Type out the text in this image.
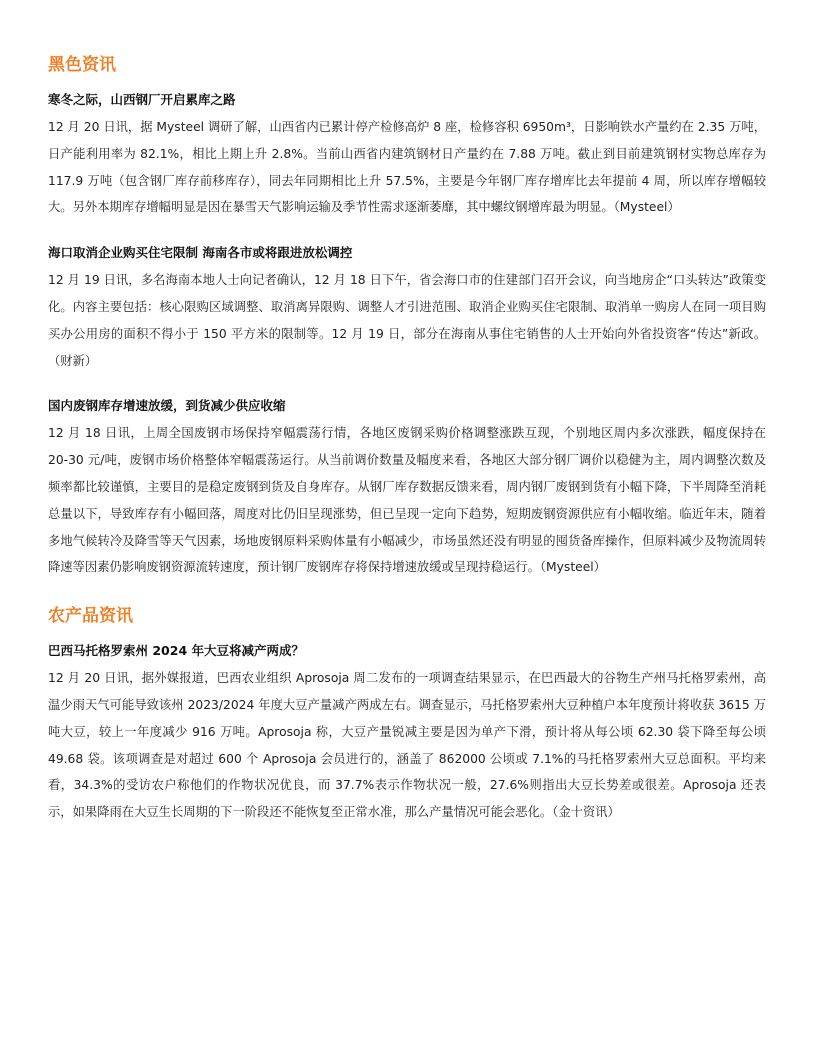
黑色资讯
寒冬之际，山西钢厂开启累库之路
12 月 20 日讯，据 Mysteel 调研了解，山西省内已累计停产检修高炉 8 座，检修容积 6950m³，日影响铁水产量约在 2.35 万吨，日产能利用率为 82.1%，相比上期上升 2.8%。当前山西省内建筑钢材日产量约在 7.88 万吨。截止到目前建筑钢材实物总库存为 117.9 万吨（包含钢厂库存前移库存），同去年同期相比上升 57.5%，主要是今年钢厂库存增库比去年提前 4 周，所以库存增幅较大。另外本期库存增幅明显是因在暴雪天气影响运输及季节性需求逐渐萎靡，其中螺纹钢增库最为明显。（Mysteel）
海口取消企业购买住宅限制 海南各市或将跟进放松调控
12 月 19 日讯，多名海南本地人士向记者确认，12 月 18 日下午，省会海口市的住建部门召开会议，向当地房企“口头转达”政策变化。内容主要包括：核心限购区域调整、取消离异限购、调整人才引进范围、取消企业购买住宅限制、取消单一购房人在同一项目购买办公用房的面积不得小于 150 平方米的限制等。12 月 19 日，部分在海南从事住宅销售的人士开始向外省投资客“传达”新政。（财新）
国内废钢库存增速放缓，到货减少供应收缩
12 月 18 日讯，上周全国废钢市场保持窄幅震荡行情，各地区废钢采购价格调整涨跌互现，个别地区周内多次涨跌，幅度保持在 20-30 元/吨，废钢市场价格整体窄幅震荡运行。从当前调价数量及幅度来看，各地区大部分钢厂调价以稳健为主，周内调整次数及频率都比较谨慎，主要目的是稳定废钢到货及自身库存。从钢厂库存数据反馈来看，周内钢厂废钢到货有小幅下降，下半周降至消耗总量以下，导致库存有小幅回落，周度对比仍旧呈现涨势，但已呈现一定向下趋势，短期废钢资源供应有小幅收缩。临近年末，随着多地气候转冷及降雪等天气因素，场地废钢原料采购体量有小幅减少，市场虽然还没有明显的囤货备库操作，但原料减少及物流周转降速等因素仍影响废钢资源流转速度，预计钢厂废钢库存将保持增速放缓或呈现持稳运行。（Mysteel）
农产品资讯
巴西马托格罗索州 2024 年大豆将减产两成？
12 月 20 日讯，据外媒报道，巴西农业组织 Aprosoja 周二发布的一项调查结果显示，在巴西最大的谷物生产州马托格罗索州，高温少雨天气可能导致该州 2023/2024 年度大豆产量减产两成左右。调查显示，马托格罗索州大豆种植户本年度预计将收获 3615 万吨大豆，较上一年度减少 916 万吨。Aprosoja 称，大豆产量锐减主要是因为单产下滑，预计将从每公顷 62.30 袋下降至每公顷 49.68 袋。该项调查是对超过 600 个 Aprosoja 会员进行的，涵盖了 862000 公顷或 7.1%的马托格罗索州大豆总面积。平均来看，34.3%的受访农户称他们的作物状况优良，而 37.7%表示作物状况一般，27.6%则指出大豆长势差或很差。Aprosoja 还表示，如果降雨在大豆生长周期的下一阶段还不能恢复至正常水准，那么产量情况可能会恶化。（金十资讯）
